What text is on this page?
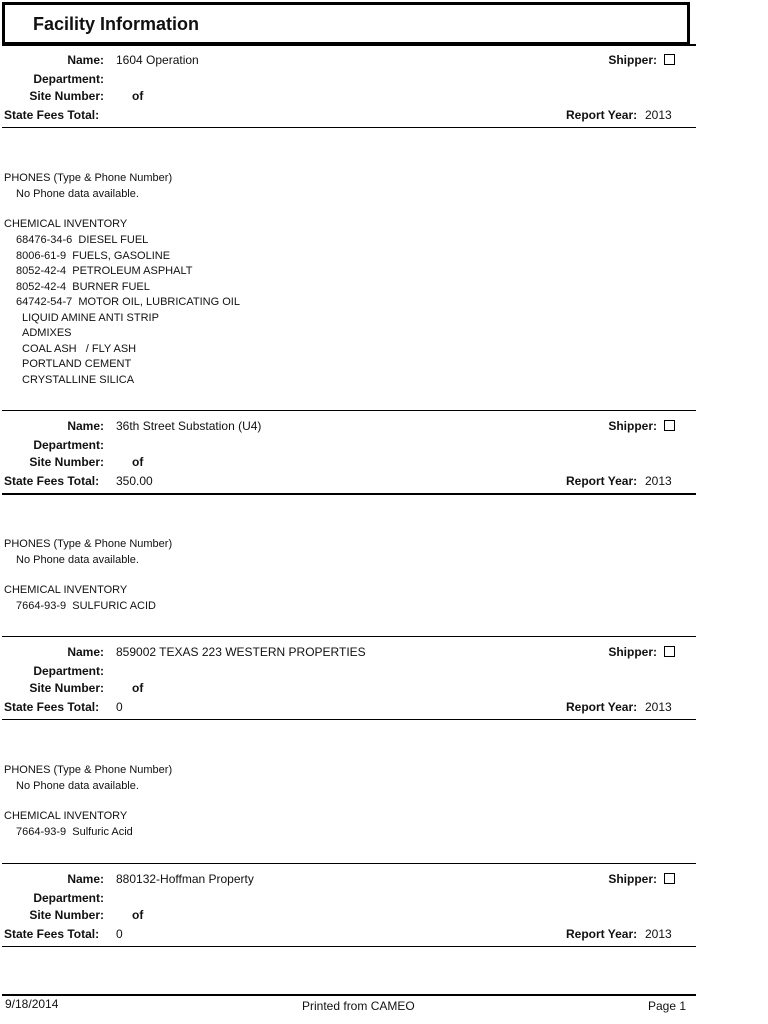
Facility Information
Name: 1604 Operation
Department:
Site Number: of
State Fees Total:
Shipper:
Report Year: 2013
PHONES (Type & Phone Number)
No Phone data available.
CHEMICAL INVENTORY
68476-34-6  DIESEL FUEL
8006-61-9  FUELS, GASOLINE
8052-42-4  PETROLEUM ASPHALT
8052-42-4  BURNER FUEL
64742-54-7  MOTOR OIL, LUBRICATING OIL
LIQUID AMINE ANTI STRIP
ADMIXES
COAL ASH   / FLY ASH
PORTLAND CEMENT
CRYSTALLINE SILICA
Name: 36th Street Substation (U4)
Department:
Site Number: of
State Fees Total: 350.00
Shipper:
Report Year: 2013
PHONES (Type & Phone Number)
No Phone data available.
CHEMICAL INVENTORY
7664-93-9  SULFURIC ACID
Name: 859002 TEXAS 223 WESTERN PROPERTIES
Department:
Site Number: of
State Fees Total: 0
Shipper:
Report Year: 2013
PHONES (Type & Phone Number)
No Phone data available.
CHEMICAL INVENTORY
7664-93-9  Sulfuric Acid
Name: 880132-Hoffman Property
Department:
Site Number: of
State Fees Total: 0
Shipper:
Report Year: 2013
9/18/2014	Printed from CAMEO	Page 1
